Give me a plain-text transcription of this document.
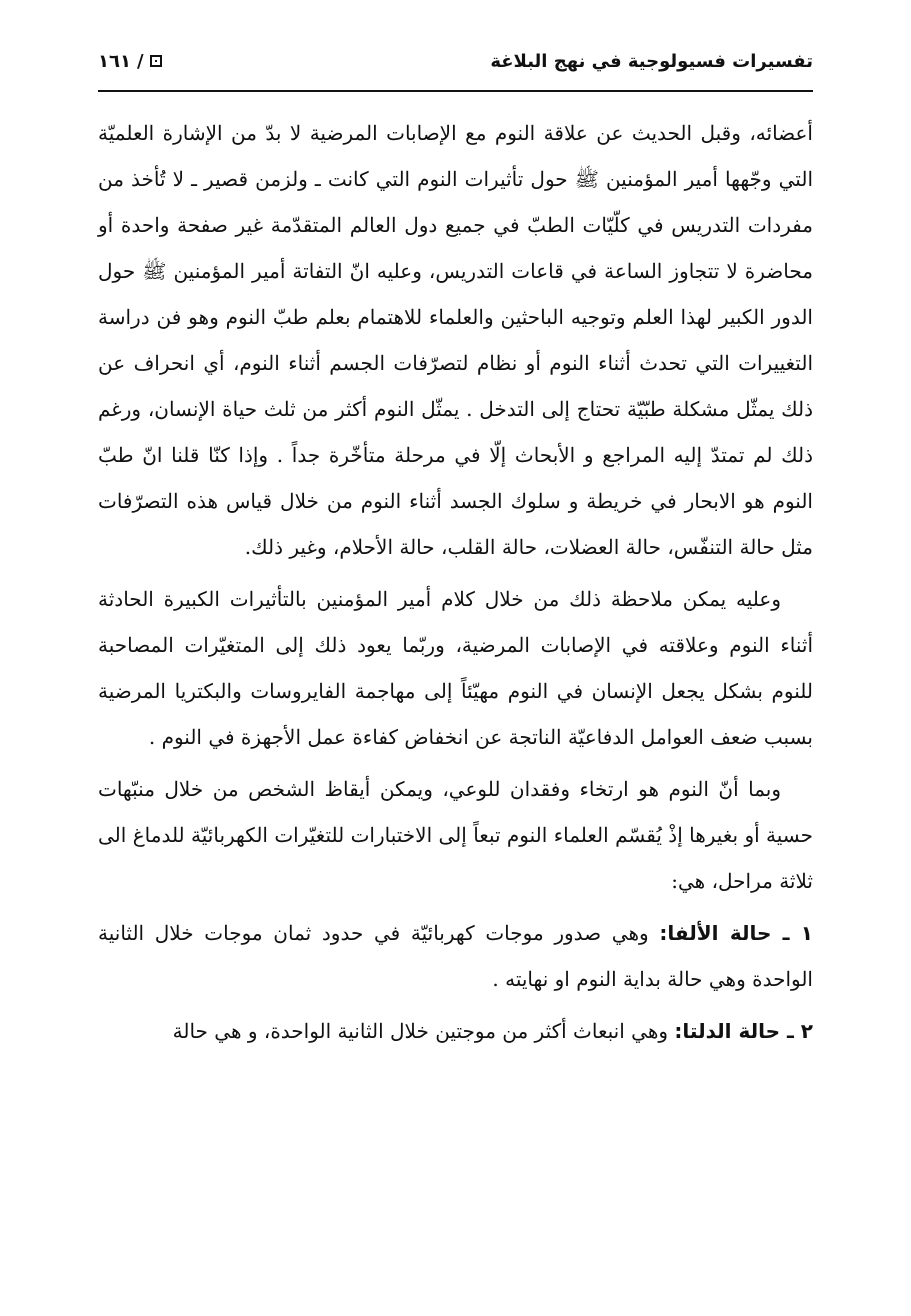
تفسيرات فسيولوجية في نهج البلاغة
/
١٦١

أعضائه، وقبل الحديث عن علاقة النوم مع الإصابات المرضية لا بدّ من الإشارة العلميّة التي وجّهها أمير المؤمنين ﷺ حول تأثيرات النوم التي كانت ـ ولزمن قصير ـ لا تُأخذ من مفردات التدريس في كلّيّات الطبّ في جميع دول العالم المتقدّمة غير صفحة واحدة أو محاضرة لا تتجاوز الساعة في قاعات التدريس، وعليه انّ التفاتة أمير المؤمنين ﷺ حول الدور الكبير لهذا العلم وتوجيه الباحثين والعلماء للاهتمام بعلم طبّ النوم وهو فن دراسة التغييرات التي تحدث أثناء النوم أو نظام لتصرّفات الجسم أثناء النوم، أي انحراف عن ذلك يمثّل مشكلة طبّيّة تحتاج إلى التدخل . يمثّل النوم أكثر من ثلث حياة الإنسان، ورغم ذلك لم تمتدّ إليه المراجع و الأبحاث إلّا في مرحلة متأخّرة جداً . وإذا كنّا قلنا انّ طبّ النوم هو الابحار في خريطة و سلوك الجسد أثناء النوم من خلال قياس هذه التصرّفات مثل حالة التنفّس، حالة العضلات، حالة القلب، حالة الأحلام، وغير ذلك.

وعليه يمكن ملاحظة ذلك من خلال كلام أمير المؤمنين بالتأثيرات الكبيرة الحادثة أثناء النوم وعلاقته في الإصابات المرضية، وربّما يعود ذلك إلى المتغيّرات المصاحبة للنوم بشكل يجعل الإنسان في النوم مهيّئاً إلى مهاجمة الفايروسات والبكتريا المرضية بسبب ضعف العوامل الدفاعيّة الناتجة عن انخفاض كفاءة عمل الأجهزة في النوم .

وبما أنّ النوم هو ارتخاء وفقدان للوعي، ويمكن أيقاظ الشخص من خلال منبّهات حسية أو بغيرها إذْ يُقسّم العلماء النوم تبعاً إلى الاختبارات للتغيّرات الكهربائيّة للدماغ الى ثلاثة مراحل، هي:

١ ـ حالة الألفا: وهي صدور موجات كهربائيّة في حدود ثمان موجات خلال الثانية الواحدة وهي حالة بداية النوم او نهايته .

٢ ـ حالة الدلتا: وهي انبعاث أكثر من موجتين خلال الثانية الواحدة، و هي حالة
